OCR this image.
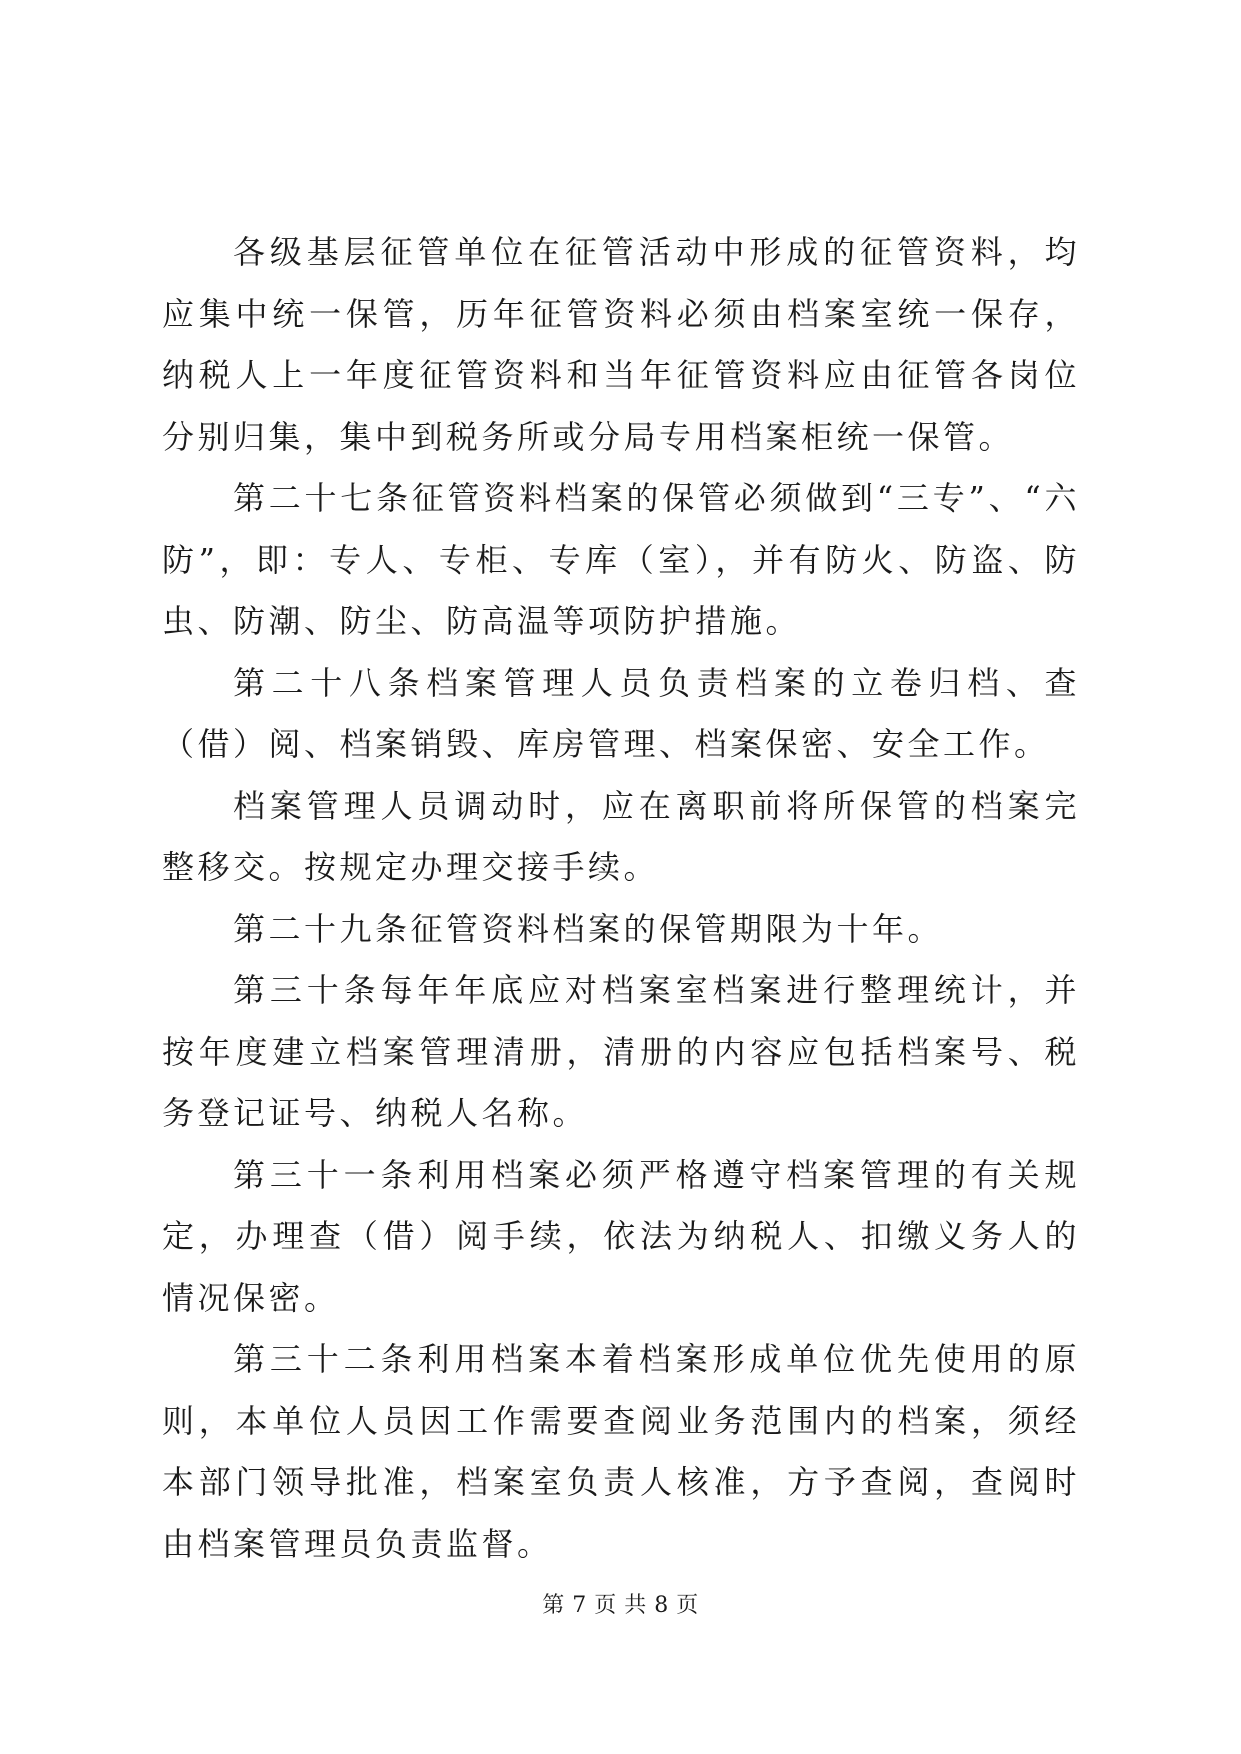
各级基层征管单位在征管活动中形成的征管资料，均应集中统一保管，历年征管资料必须由档案室统一保存，纳税人上一年度征管资料和当年征管资料应由征管各岗位分别归集，集中到税务所或分局专用档案柜统一保管。

第二十七条征管资料档案的保管必须做到“三专”、“六防”，即：专人、专柜、专库（室），并有防火、防盗、防虫、防潮、防尘、防高温等项防护措施。

第二十八条档案管理人员负责档案的立卷归档、查（借）阅、档案销毁、库房管理、档案保密、安全工作。

档案管理人员调动时，应在离职前将所保管的档案完整移交。按规定办理交接手续。

第二十九条征管资料档案的保管期限为十年。

第三十条每年年底应对档案室档案进行整理统计，并按年度建立档案管理清册，清册的内容应包括档案号、税务登记证号、纳税人名称。

第三十一条利用档案必须严格遵守档案管理的有关规定，办理查（借）阅手续，依法为纳税人、扣缴义务人的情况保密。

第三十二条利用档案本着档案形成单位优先使用的原则，本单位人员因工作需要查阅业务范围内的档案，须经本部门领导批准，档案室负责人核准，方予查阅，查阅时由档案管理员负责监督。

第 7 页 共 8 页
